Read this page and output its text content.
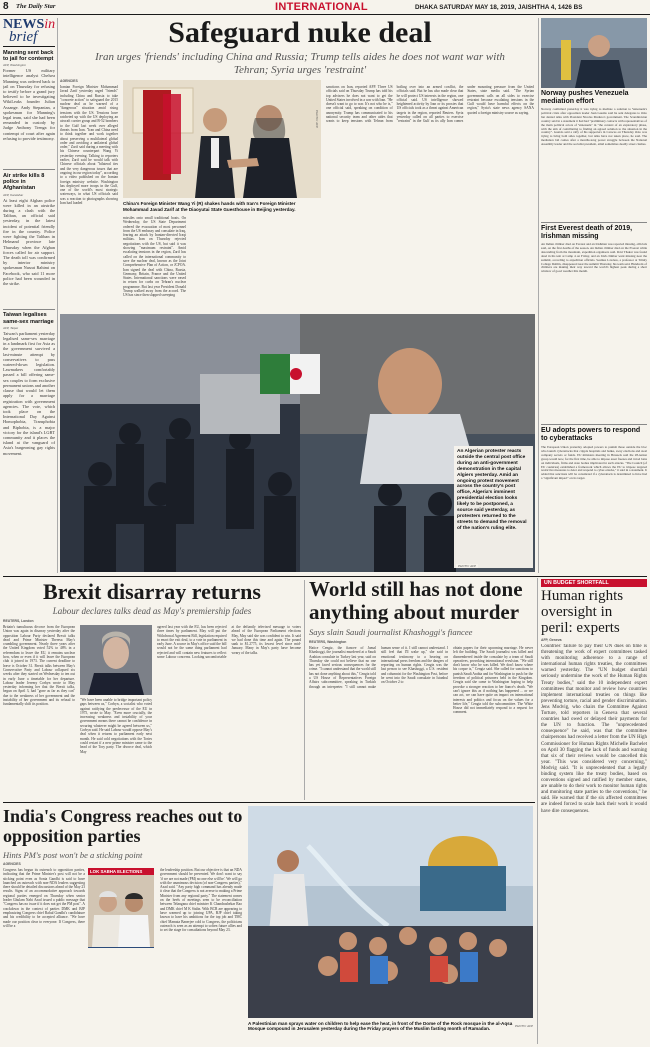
8 The Daily Star	INTERNATIONAL	DHAKA SATURDAY MAY 18, 2019, JAISHTHA 4, 1426 BS
NEWSin
brief
Manning sent back to jail for contempt
AFP, Washington
Former US military intelligence analyst Chelsea Manning was ordered back to jail on Thursday for refusing to testify before a grand jury believed to be investigating WikiLeaks founder Julian Assange. Andy Stepanian, a spokesman for Manning's legal team, said she had been remanded in custody by Judge Anthony Trenga for contempt of court after again refusing to provide testimony.
Air strike kills 8 police in Afghanistan
AFP, Kandahar
At least eight Afghan police were killed in an airstrike during a clash with the Taliban, an official said yesterday, in the latest incident of potential friendly fire in the country. Police were fighting the Taliban in Helmand province late Thursday when the Afghan forces called for air support. The death toll was confirmed by interior ministry spokesman Nusrat Rahimi on Facebook, who said 11 more police had been wounded in the strike.
Taiwan legalises same-sex marriage
AFP, Taipei
Taiwan's parliament yesterday legalised same-sex marriage in a landmark first for Asia as the government survived a last-minute attempt by conservatives to pass watered-down legislation. Lawmakers comfortably passed a bill offering same-sex couples to form exclusive permanent unions and another clause that would let them apply for a marriage registration with government agencies. The vote, which took place on the International Day Against Homophobia, Transphobia and Biphobia, is a major victory for the island's LGBT community and it places the island at the vanguard of Asia's burgeoning gay rights movement.
Safeguard nuke deal
Iran urges 'friends' including China and Russia; Trump tells aides he does not want war with Tehran; Syria urges 'restraint'
AGENCIES
Iranian Foreign Minister Mohammad Javad Zarif yesterday urged "friends" including China and Russia to take "concrete action" to safeguard the 2015 nuclear deal as he warned of a "dangerous" situation amid rising tensions with the US. Tensions have ratcheted up with the US deploying an aircraft carrier group and B-52 bombers to the Gulf last week over alleged threats from Iran. "Iran and China need to think together and work together about preserving a multilateral global order and avoiding a unilateral global order," Zarif said during a meeting with his Chinese counterpart Wang Yi yesterday evening. Talking to reporters earlier, Zarif said he would talk with Chinese officials about "bilateral ties and the very dangerous issues that are ongoing in our region today", according to a video published on the Iranian foreign ministry website. Washington has deployed more troops in the Gulf, one of the world's most strategic waterways, in what US officials said was a reaction to photographs showing Iran had loaded
PHOTO: AFP
China's Foreign Minister Wang Yi (R) shakes hands with Iran's Foreign Minister Mohammad Javad Zarif at the Diaoyutai State Guesthouse in Beijing yesterday.
missiles onto small traditional boats. On Wednesday, the US State Department ordered the evacuation of most personnel from the US embassy and consulate in Iraq, fearing an attack by Iranian-directed Iraqi militias. Iran on Thursday rejected negotiations with the US, but said it was showing "maximum restraint". Amid escalating tensions in the region, Zarif has called on the international community to save the nuclear deal, known as the Joint Comprehensive Plan of Action, or JCPOA. Iran signed the deal with China, Russia, Germany, Britain, France and the United States. International sanctions were eased in return for curbs on Tehran's nuclear programme. But last year President Donald Trump walked away from the accord. The US has since then slapped sweeping
sanctions on Iran, reported AFP. Three US officials said on Thursday Trump has told his top advisers he does not want to get the United States involved in a war with Iran. "He doesn't want to go to war. It's not who he is," one official said, speaking on condition of anonymity. Trump has communicated to his national security team and other aides that wants to keep tensions with Tehran from boiling over into an armed conflict, the officials said. But he has also made clear that he will protect US interests in the region, one official said. US intelligence showed heightened activity by Iran or its proxies that US officials took as a threat against American targets in the region, reported Reuters. Syria yesterday called on all parties to exercise "restraint" in the Gulf as its ally Iran comes under mounting pressure from the United States, state media said. "The Syrian government calls on all sides to exercise restraint because escalating tensions in the Gulf would have harmful effects on the region," Syria's state news agency SANA quoted a foreign ministry source as saying.
Norway pushes Venezuela mediation effort
Norway confirmed yesterday it was trying to mediate a solution to Venezuela's political crisis after opposition leader Juan Guaido said he sent delegates to Oslo but denied talks with President Nicolas Maduro's government. The Scandinavian country said in a statement it had had "preliminary contacts with representatives of the main political actors of Venezuela" in "the context of an exploratory phase, with the aim of contributing to finding an agreed solution to the situation in the country". Guaido said a rally of his supporters in Caracas on Thursday Oslo was trying to bring both sides together, but talks have not taken place, he said. The mediation bid comes after a months-long power struggle between the National Assembly leader and the socialist president, amid sometimes deadly street clashes.
First Everest death of 2019, Irishman missing
An Indian climber died on Everest and an Irishman was reported missing, officials said, on the first deaths of the season. An Indian climber died on the Everest while descending from the mountain, expedition organisers said. Ravi Thakar was found dead in his tent at Camp 4 on Friday, and an Irish climber went missing near the summit, according to expedition officials. Seamus Lawless, a professor at Trinity College Dublin, disappeared near the summit Thursday, his team said. Hundreds of climbers are making their way toward the world's highest peak during a short window of good weather this month.
EU adopts powers to respond to cyberattacks
The European Union yesterday adopted powers to punish those outside the bloc who launch cyberattacks that cripple hospitals and banks, sway elections and steal company secrets or funds. EU ministers meeting in Brussels said the 28-nation group would now, for the first time, be able to impose asset freezes and travel bans on individuals, firms and state bodies implicated in such attacks. "The Council (of EU countries) established a framework which allows the EU to impose targeted restrictive measures to deter and respond to cyber-attacks," it said in a statement. It added that sanctions will be considered if a cyberattack is determined to have had a "significant impact" on its target.
An Algerian protester reacts outside the central post office during an anti-government demonstration in the capital Algiers yesterday. Amid an ongoing protest movement across the country's post office, Algeria's imminent presidential election looks likely to be postponed, a source said yesterday, as protesters returned to the streets to demand the removal of the nation's ruling elite.
PHOTO: AFP
Brexit disarray returns
Labour declares talks dead as May's premiership fades
REUTERS, London
Britain's tumultuous divorce from the European Union was again in disarray yesterday after the opposition Labour Party declared Brexit talks dead and Prime Minister Theresa May's crumbling government. Nearly three years after the United Kingdom voted 52% to 48% in a referendum to leave the EU, it remains unclear how, when or even if it will leave the European club it joined in 1973. The current deadline to leave is October 31. Brexit talks between May's Conservative Party and Labour collapsed six weeks after they started on Wednesday to ten out in early June a timetable for her departure. Labour leader Jeremy Corbyn wrote to May yesterday informing her that the Brexit talks, begun on April 3, had "gone as far as they can" due to the weakness of her government and the instability of her government and its refusal to fundamentally shift its position.
"We have been unable to bridge important policy gaps between us," Corbyn, a socialist who voted against ratifying the predecessor of the EU in 1975, wrote to May. "Even more crucially, the increasing weakness and instability of your government means there cannot be confidence in securing whatever might be agreed between us," Corbyn said. He said Labour would oppose May's deal when it returns to parliament early next month. He said cold negotiations with the Tories could restart if a new prime minister came to the head of the Tory party. The divorce deal, which May
agreed last year with the EU, has been rejected three times by parliament. May will put the Withdrawal Agreement Bill, legislation required to enact the exit deal, to a vote in parliament in early June. A source in May's office said the bill would not be the same thing parliament had rejected and will contain new features to reflect some Labour concerns. Looking uncomfortable at the defiantly televised message to voters ahead of the European Parliament elections May, May said she was confident to win. It said we had done this time and again. The pound sank to $1.2775, its lowest level since mid-January. Many in May's party have become weary of the talks.
World still has not done anything about murder
Says slain Saudi journalist Khashoggi's fiancee
REUTERS, Washington
Hatice Cengiz, the fiancee of Jamal Khashoggi, the journalist murdered at a Saudi Arabian consulate in Turkey last year, said on Thursday she could not believe that no one has yet faced serious consequences for the crime. "I cannot understand that the world still has not done anything about this," Cengiz told a US House of Representatives Foreign Affairs subcommittee, speaking in Turkish through an interpreter. "I still cannot make human sense of it. I still cannot understand. I still feel that I'll wake up," she said in emotional testimony to a hearing on international press freedom and the dangers of reporting on human rights. Cengiz was the last person to see Khashoggi, a U.S. resident and columnist for the Washington Post, before he went into the Saudi consulate in Istanbul on October 2 to
obtain papers for their upcoming marriage. He never left the building. The Saudi journalist was killed and dismembered inside the consulate by a team of Saudi operatives, provoking international revulsion. "We still don't know who he was killed. We don't know where his corpse is," Cengiz said. She called for sanctions to punish Saudi Arabia and for Washington to push for the freedom of political prisoners held in the Kingdom. Cengiz said she came to Washington hoping to help provoke a stronger reaction to her fiance's death. "We can't ignore this as if nothing has happened ... or we can act, we can have quite an impact on international interests and politics and focus on the values for a better life," Cengiz told the subcommittee. The White House did not immediately respond to a request for comment.
UN BUDGET SHORTFALL
Human rights oversight in peril: experts
AFP, Geneva
Countries' failure to pay their UN dues on time is threatening the work of expert committees tasked with monitoring adherence to a range of international human rights treaties, the committees warned yesterday. The "UN budget shortfall seriously undermine the work of the Human Rights Treaty bodies," said the 10 independent expert committees that monitor and review how countries implement international treaties on things like preventing torture, racial and gender discrimination. Jens Modvig, who chairs the Committee Against Torture, told reporters in Geneva that several countries had owed or delayed their payments for the UN to function. The "unprecedented consequence" he said, was that the committee chairpersons had received a letter from the UN High Commissioner for Human Rights Michelle Bachelet on April 30 flagging the lack of funds and warning that six of their reviews would be cancelled this year. "This was considered very concerning," Modvig said. "It is unprecedented that a legally binding system like the treaty bodies, based on conventions signed and ratified by member states, are unable to do their work to monitor human rights and monitoring state parties to the conventions," he said. He warned that if the six affected committees are indeed forced to scale back their work it would have dire consequences.
India's Congress reaches out to opposition parties
Hints PM's post won't be a sticking point
AGENCIES
Congress has begun its outreach to opposition parties, indicating that the Prime Minister's post will not be a sticking point even as Sonia Gandhi is said to have launched an outreach with non-NDA leaders suggesting there should be detailed discussions ahead of the May 23 results. Signs of an accommodative approach towards regional parties emerged on Thursday when senior leader Ghulam Nabi Azad issued a public message that "Congress has no issue if it does not get the PM post". A crackdown in the context of parties DMK and BJP emphasizing Congress chief Rahul Gandhi's candidature and his credibility to be accepted alliance. "We have made our position clear to everyone. If Congress, there will be a
LOK SABHA ELECTIONS	the leadership position. But our objective is that an NDA government should be prevented. We don't want to say 'if we are not made (PM) no one else will be'. We will go with the unanimous decision (of non-Congress parties)," Azad said. "Any party high command has already made it clear that the Congress is not averse to making a Prime Minister from any regional party." The statement comes on the heels of meetings seen to be reconciliation between Telangana chief minister K Chandrashekar Rao and DMK chief M K Stalin. With BCR are appearing to have warmed up to joining UPA, BJP chief taking known to have his ambitions for the top job and TMC chief Mamata Banerjee cold to Congress, the politicians outreach is seen as an attempt to soften future allies and to set the stage for consultations beyond May 23.
A Palestinian man sprays water on children to help ease the heat, in front of the Dome of the Rock mosque in the al-Aqsa Mosque compound in Jerusalem yesterday during the Friday prayers of the Muslim fasting month of Ramadan.
PHOTO: AFP
